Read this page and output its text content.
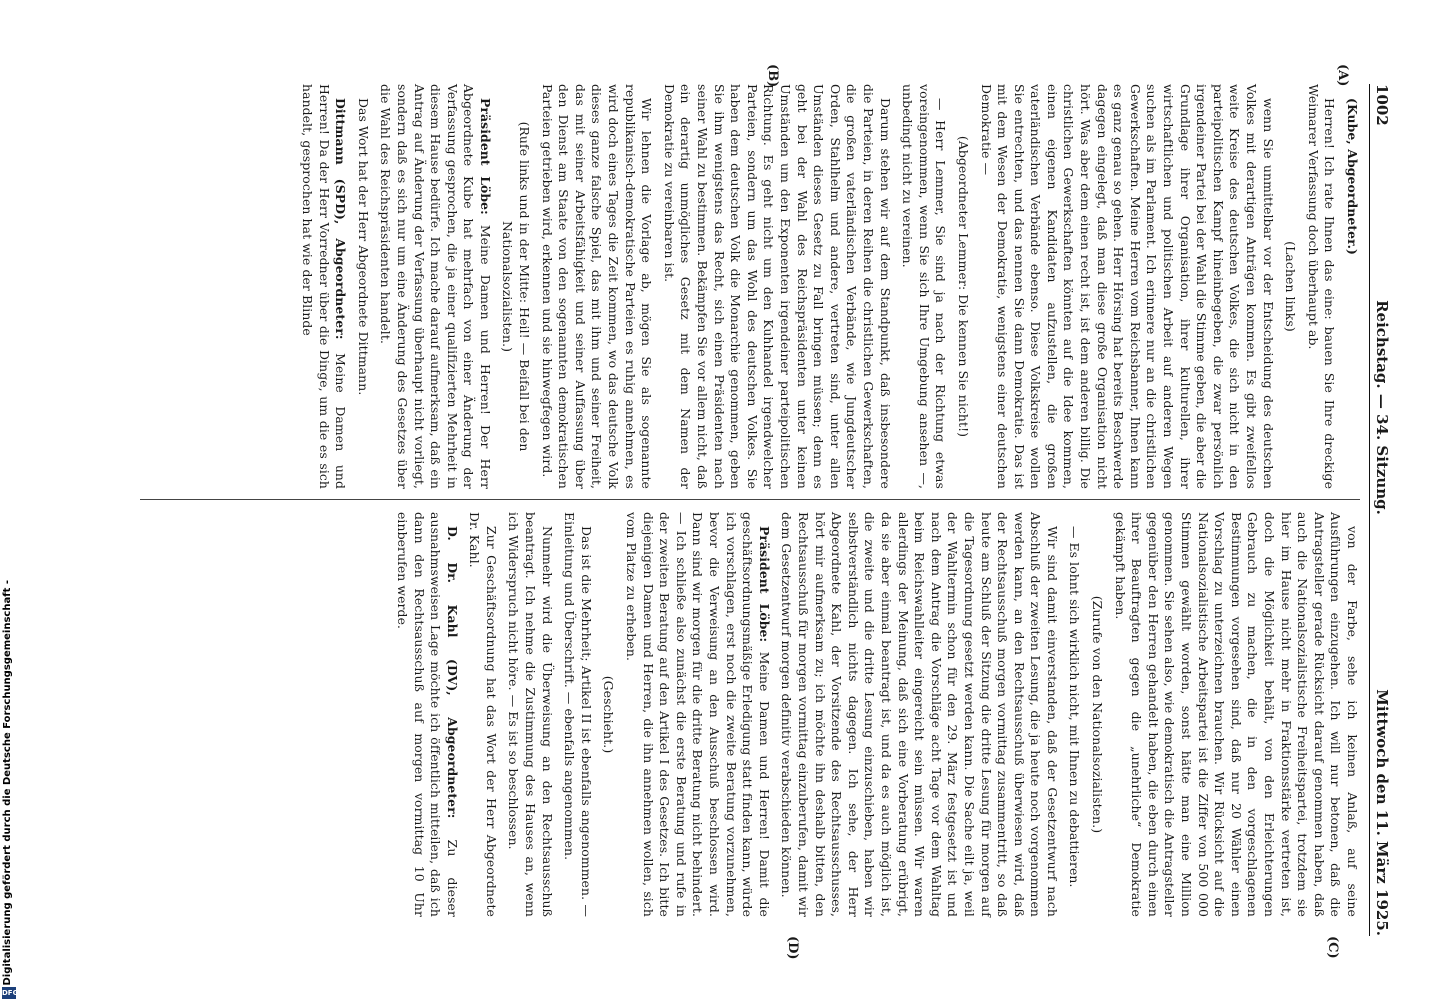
Digitalisierung gefördert durch die Deutsche Forschungsgemeinschaft -
DFG
1002
Reichstag. — 34. Sitzung.
Mittwoch den 11. März 1925.
(A)
(B)
(C)
(D)

(Kube, Abgeordneter.)

Herren! Ich rate Ihnen das eine: bauen Sie Ihre dreckige Weimarer Verfassung doch überhaupt ab.

(Lachen links)

wenn Sie unmittelbar vor der Entscheidung des deutschen Volkes mit derartigen Anträgen kommen. Es gibt zweifellos weite Kreise des deutschen Volkes, die sich nicht in den parteipolitischen Kampf hineinbegeben, die zwar persönlich irgendeiner Partei bei der Wahl die Stimme geben, die aber die Grundlage ihrer Organisation, ihrer kulturellen, ihrer wirtschaftlichen und politischen Arbeit auf anderen Wegen suchen als im Parlament. Ich erinnere nur an die christlichen Gewerkschaften. Meine Herren vom Reichsbanner, Ihnen kann es ganz genau so gehen. Herr Hörsing hat bereits Beschwerde dagegen eingelegt, daß man diese große Organisation nicht hört. Was aber dem einen recht ist, ist dem anderen billig. Die christlichen Gewerkschaften könnten auf die Idee kommen, einen eigenen Kandidaten aufzustellen, die großen vaterländischen Verbände ebenso. Diese Volkskreise wollen Sie entrechten, und das nennen Sie dann Demokratie. Das ist mit dem Wesen der Demokratie, wenigstens einer deutschen Demokratie —

(Abgeordneter Lemmer: Die kennen Sie nicht!)

— Herr Lemmer, Sie sind ja nach der Richtung etwas voreingenommen, wenn Sie sich Ihre Umgebung ansehen —, unbedingt nicht zu vereinen.

Darum stehen wir auf dem Standpunkt, daß insbesondere die Parteien, in deren Reihen die christlichen Gewerkschaften, die großen vaterländischen Verbände, wie Jungdeutscher Orden, Stahlhelm und andere, vertreten sind, unter allen Umständen dieses Gesetz zu Fall bringen müssen; denn es geht bei der Wahl des Reichspräsidenten unter keinen Umständen um den Exponenten irgendeiner parteipolitischen Richtung. Es geht nicht um den Kuhhandel irgendwelcher Parteien, sondern um das Wohl des deutschen Volkes. Sie haben dem deutschen Volk die Monarchie genommen, geben Sie ihm wenigstens das Recht, sich einen Präsidenten nach seiner Wahl zu bestimmen. Bekämpfen Sie vor allem nicht, daß ein derartig unmögliches Gesetz mit dem Namen der Demokratie zu vereinbaren ist.

Wir lehnen die Vorlage ab, mögen Sie als sogenannte republikanisch-demokratische Parteien es ruhig annehmen, es wird doch eines Tages die Zeit kommen, wo das deutsche Volk dieses ganze falsche Spiel, das mit ihm und seiner Freiheit, das mit seiner Arbeitsfähigkeit und seiner Auffassung über den Dienst am Staate von den sogenannten demokratischen Parteien getrieben wird, erkennen und sie hinwegfegen wird.

(Rufe links und in der Mitte: Heil! — Beifall bei den Nationalsozialisten.)

Präsident Löbe: Meine Damen und Herren! Der Herr Abgeordnete Kube hat mehrfach von einer Änderung der Verfassung gesprochen, die ja einer qualifizierten Mehrheit in diesem Hause bedürfe. Ich mache darauf aufmerksam, daß ein Antrag auf Änderung der Verfassung überhaupt nicht vorliegt, sondern daß es sich nur um eine Änderung des Gesetzes über die Wahl des Reichspräsidenten handelt.

Das Wort hat der Herr Abgeordnete Dittmann.

Dittmann (SPD), Abgeordneter: Meine Damen und Herren! Da der Herr Vorredner über die Dinge, um die es sich handelt, gesprochen hat wie der Blinde

von der Farbe, sehe ich keinen Anlaß, auf seine Ausführungen einzugehen. Ich will nur betonen, daß die Antragsteller gerade Rücksicht darauf genommen haben, daß auch die Nationalsozialistische Freiheitspartei, trotzdem sie hier im Hause nicht mehr in Fraktionsstärke vertreten ist, doch die Möglichkeit behält, von den Erleichterungen Gebrauch zu machen, die in den vorgeschlagenen Bestimmungen vorgesehen sind, daß nur 20 Wähler einen Vorschlag zu unterzeichnen brauchen. Wir Rücksicht auf die Nationalsozialistische Arbeitspartei ist die Ziffer von 500 000 Stimmen gewählt worden, sonst hätte man eine Million genommen. Sie sehen also, wie demokratisch die Antragsteller gegenüber den Herren gehandelt haben, die eben durch einen ihrer Beauftragten gegen die „unehrliche“ Demokratie gekämpft haben.

(Zurufe von den Nationalsozialisten.)

— Es lohnt sich wirklich nicht, mit Ihnen zu debattieren.

Wir sind damit einverstanden, daß der Gesetzentwurf nach Abschluß der zweiten Lesung, die ja heute noch vorgenommen werden kann, an den Rechtsausschuß überwiesen wird, daß der Rechtsausschuß morgen vormittag zusammentritt, so daß heute am Schluß der Sitzung die dritte Lesung für morgen auf die Tagesordnung gesetzt werden kann. Die Sache eilt ja, weil der Wahltermin schon für den 29. März festgesetzt ist und nach dem Antrag die Vorschläge acht Tage vor dem Wahltag beim Reichswahlleiter eingereicht sein müssen. Wir waren allerdings der Meinung, daß sich eine Vorberatung erübrigt, da sie aber einmal beantragt ist, und da es auch möglich ist, die zweite und die dritte Lesung einzuschieben, haben wir selbstverständlich nichts dagegen. Ich sehe, der Herr Abgeordnete Kahl, der Vorsitzende des Rechtsausschusses, hört mir aufmerksam zu; ich möchte ihn deshalb bitten, den Rechtsausschuß für morgen vormittag einzuberufen, damit wir dem Gesetzentwurf morgen definitiv verabschieden können.

Präsident Löbe: Meine Damen und Herren! Damit die geschäftsordnungsmäßige Erledigung statt finden kann, würde ich vorschlagen, erst noch die zweite Beratung vorzunehmen, bevor die Verweisung an den Ausschuß beschlossen wird. Dann sind wir morgen für die dritte Beratung nicht behindert. — Ich schließe also zunächst die erste Beratung und rufe in der zweiten Beratung auf den Artikel I des Gesetzes. Ich bitte diejenigen Damen und Herren, die ihn annehmen wollen, sich vom Platze zu erheben.

(Geschieht.)

Das ist die Mehrheit; Artikel II ist ebenfalls angenommen. — Einleitung und Überschrift. — ebenfalls angenommen.

Nunmehr wird die Überweisung an den Rechtsausschuß beantragt. Ich nehme die Zustimmung des Hauses an, wenn ich Widerspruch nicht höre. — Es ist so beschlossen.

Zur Geschäftsordnung hat das Wort der Herr Abgeordnete Dr. Kahl.

D. Dr. Kahl (DV), Abgeordneter: Zu dieser ausnahmsweisen Lage möchte ich öffentlich mitteilen, daß ich dann den Rechtsausschuß auf morgen vormittag 10 Uhr einberufen werde.
